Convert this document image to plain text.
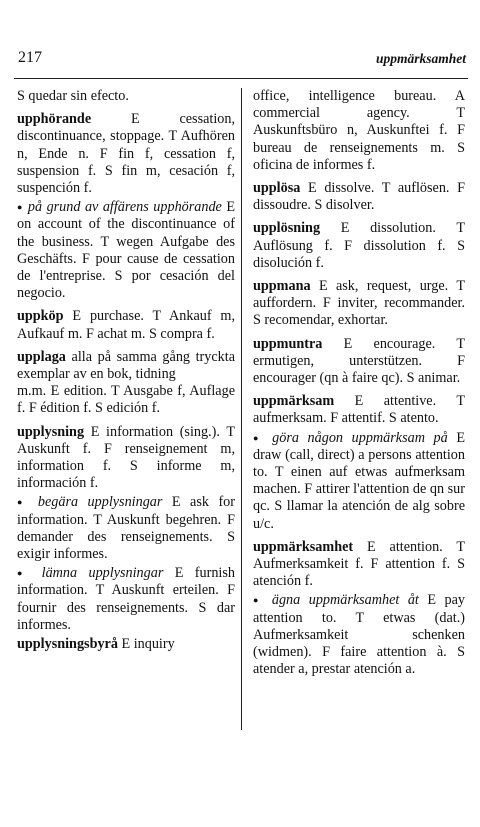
217	uppmärksamhet

S quedar sin efecto.

upphörande	E cessation, discontinuance, stoppage. T Aufhören n, Ende n. F fin f, cessation f, suspension f. S fin m, cesación f, suspención f.
● på grund av affärens upphörande E on account of the discontinuance of the business. T wegen Aufgabe des Geschäfts. F pour cause de cessation de l'entreprise. S por cesación del negocio.
uppköp E purchase. T Ankauf m, Aufkauf m. F achat m. S compra f.
upplaga alla på samma gång tryckta exemplar av en bok, tidning

m.m. E edition. T Ausgabe f, Auflage f. F édition f. S edición f.

upplysning E information (sing.). T Auskunft f. F renseignement m, information f. S informe m, información f.
● begära upplysningar E ask for information. T Auskunft begehren. F demander des renseignements. S exigir informes.
● lämna upplysningar E furnish information. T Auskunft erteilen. F fournir des renseignements. S dar informes.
upplysningsbyrå E inquiry

office, intelligence bureau. A commercial agency. T Auskunftsbüro n, Auskunftei f. F bureau de renseignements m. S oficina de informes f.

upplösa E dissolve. T auflösen. F dissoudre. S disolver.
upplösning E dissolution. T Auflösung f. F dissolution f. S disolución f.
uppmana E ask, request, urge. T auffordern. F inviter, recommander. S recomendar, exhortar.
uppmuntra E encourage. T ermutigen, unterstützen. F encourager (qn à faire qc). S animar.
uppmärksam E attentive. T aufmerksam. F attentif. S atento.
● göra någon uppmärksam på E draw (call, direct) a persons attention to. T einen auf etwas aufmerksam machen. F attirer l'attention de qn sur qc. S llamar la atención de alg sobre u/c.
uppmärksamhet E attention. T Aufmerksamkeit f. F attention f. S atención f.
● ägna uppmärksamhet åt E pay attention to. T etwas (dat.) Aufmerksamkeit schenken (widmen). F faire attention à. S atender a, prestar atención a.
